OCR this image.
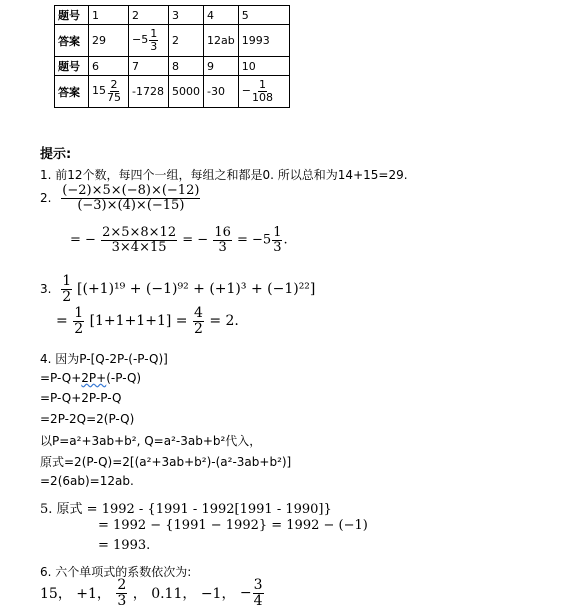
题号	1	2	3	4	5
答案	29	$-5 \frac{1}{3}$	2	12ab	1993
题号	6	7	8	9	10
答案	$15 \frac{2}{75}$	-1728	5000	-30	− $\frac{1}{108}$
提示:
1. 前12个数，每四个一组，每组之和都是0. 所以总和为14+15=29.
2. $\frac{(-2)\times 5\times(-8)\times(-12)}{(-3)\times(4)\times(-15)}$
= − $\frac{2\times 5\times 8\times 12}{3\times 4\times 15}$ = − $\frac{16}{3} = -5 \frac{1}{3}$ .
3. $\frac{1}{2} [(+1)^{19} + (-1)^{92} + (+1)^3 + (-1)^{22}]$
= $\frac{1}{2} [1+1+1+1] = \frac{4}{2} = 2$.
4. 因为P-[Q-2P-(-P-Q)]
=P-Q+2P+(-P-Q)
=P-Q+2P-P-Q
=2P-2Q=2(P-Q)
以P=a²+3ab+b², Q=a²-3ab+b²代入，
原式=2(P-Q)=2[(a²+3ab+b²)-(a²-3ab+b²)]
=2(6ab)=12ab.
5. 原式 = 1992 - {1991 - 1992[1991 - 1990]}
= 1992 − {1991 − 1992} = 1992 − (−1)
= 1993.
6. 六个单项式的系数依次为:
15， +1， $\frac{2}{3}$ ， 0.11， −1， − $\frac{3}{4}$
